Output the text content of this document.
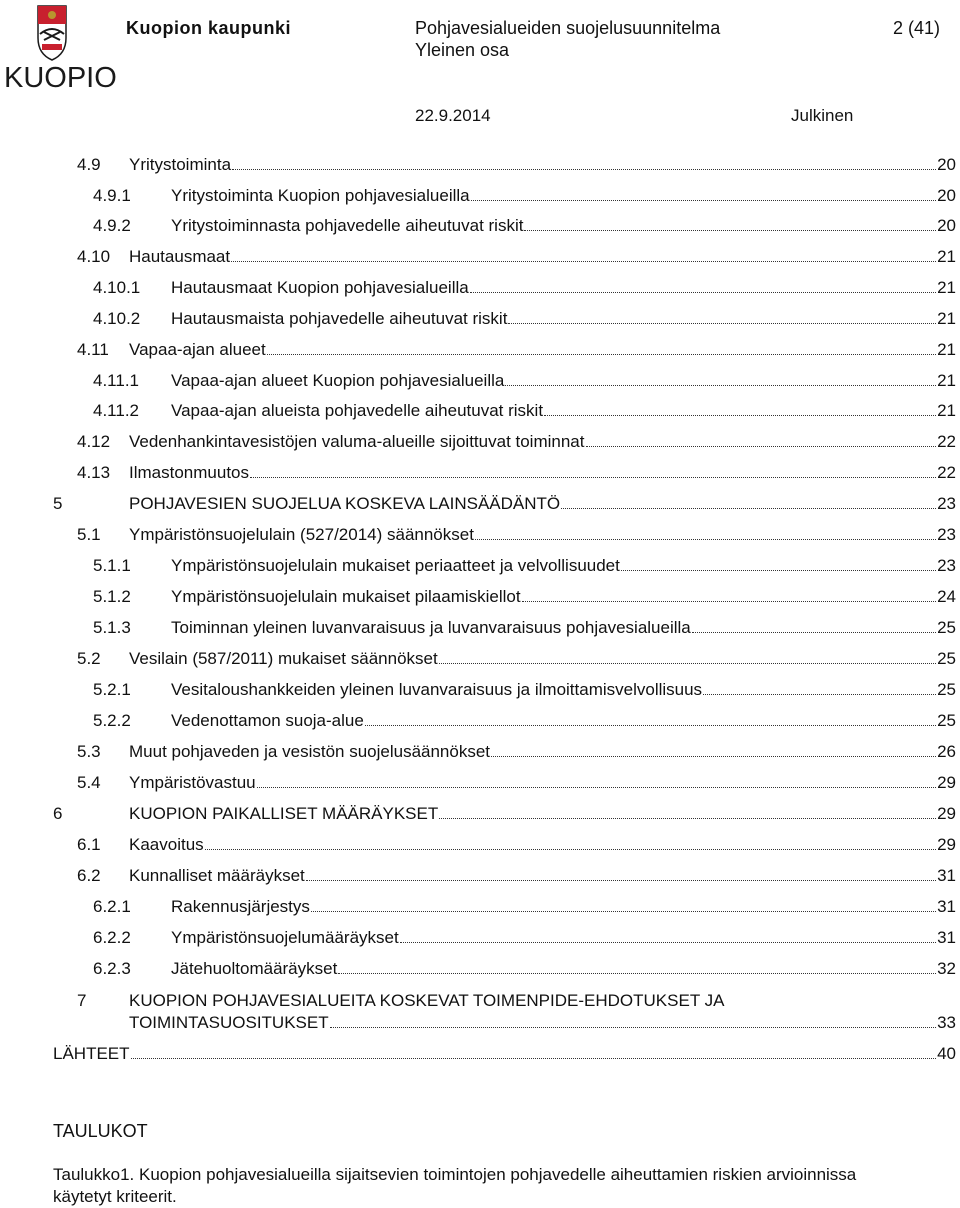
KUOPIO
Kuopion kaupunki	Pohjavesialueiden suojelusuunnitelma
Yleinen osa
2 (41)
22.9.2014	Julkinen
4.9 Yritystoiminta	20
4.9.1 Yritystoiminta Kuopion pohjavesialueilla	20
4.9.2 Yritystoiminnasta pohjavedelle aiheutuvat riskit	20
4.10 Hautausmaat	21
4.10.1 Hautausmaat Kuopion pohjavesialueilla	21
4.10.2 Hautausmaista pohjavedelle aiheutuvat riskit	21
4.11 Vapaa-ajan alueet	21
4.11.1 Vapaa-ajan alueet Kuopion pohjavesialueilla	21
4.11.2 Vapaa-ajan alueista pohjavedelle aiheutuvat riskit	21
4.12 Vedenhankintavesistöjen valuma-alueille sijoittuvat toiminnat	22
4.13 Ilmastonmuutos	22
5	POHJAVESIEN SUOJELUA KOSKEVA LAINSÄÄDÄNTÖ	23
5.1 Ympäristönsuojelulain (527/2014) säännökset	23
5.1.1 Ympäristönsuojelulain mukaiset periaatteet ja velvollisuudet	23
5.1.2 Ympäristönsuojelulain mukaiset pilaamiskiellot	24
5.1.3 Toiminnan yleinen luvanvaraisuus ja luvanvaraisuus pohjavesialueilla	25
5.2 Vesilain (587/2011) mukaiset säännökset	25
5.2.1 Vesitaloushankkeiden yleinen luvanvaraisuus ja ilmoittamisvelvollisuus	25
5.2.2 Vedenottamon suoja-alue	25
5.3 Muut pohjaveden ja vesistön suojelusäännökset	26
5.4 Ympäristövastuu	29
6	KUOPION PAIKALLISET MÄÄRÄYKSET	29
6.1 Kaavoitus	29
6.2 Kunnalliset määräykset	31
6.2.1 Rakennusjärjestys	31
6.2.2 Ympäristönsuojelumääräykset	31
6.2.3 Jätehuoltomääräykset	32
7	KUOPION POHJAVESIALUEITA KOSKEVAT TOIMENPIDE-EHDOTUKSET JA
TOIMINTASUOSITUKSET	33
LÄHTEET	40
TAULUKOT
Taulukko1. Kuopion pohjavesialueilla sijaitsevien toimintojen pohjavedelle aiheuttamien riskien arvioinnissa käytetyt kriteerit.
